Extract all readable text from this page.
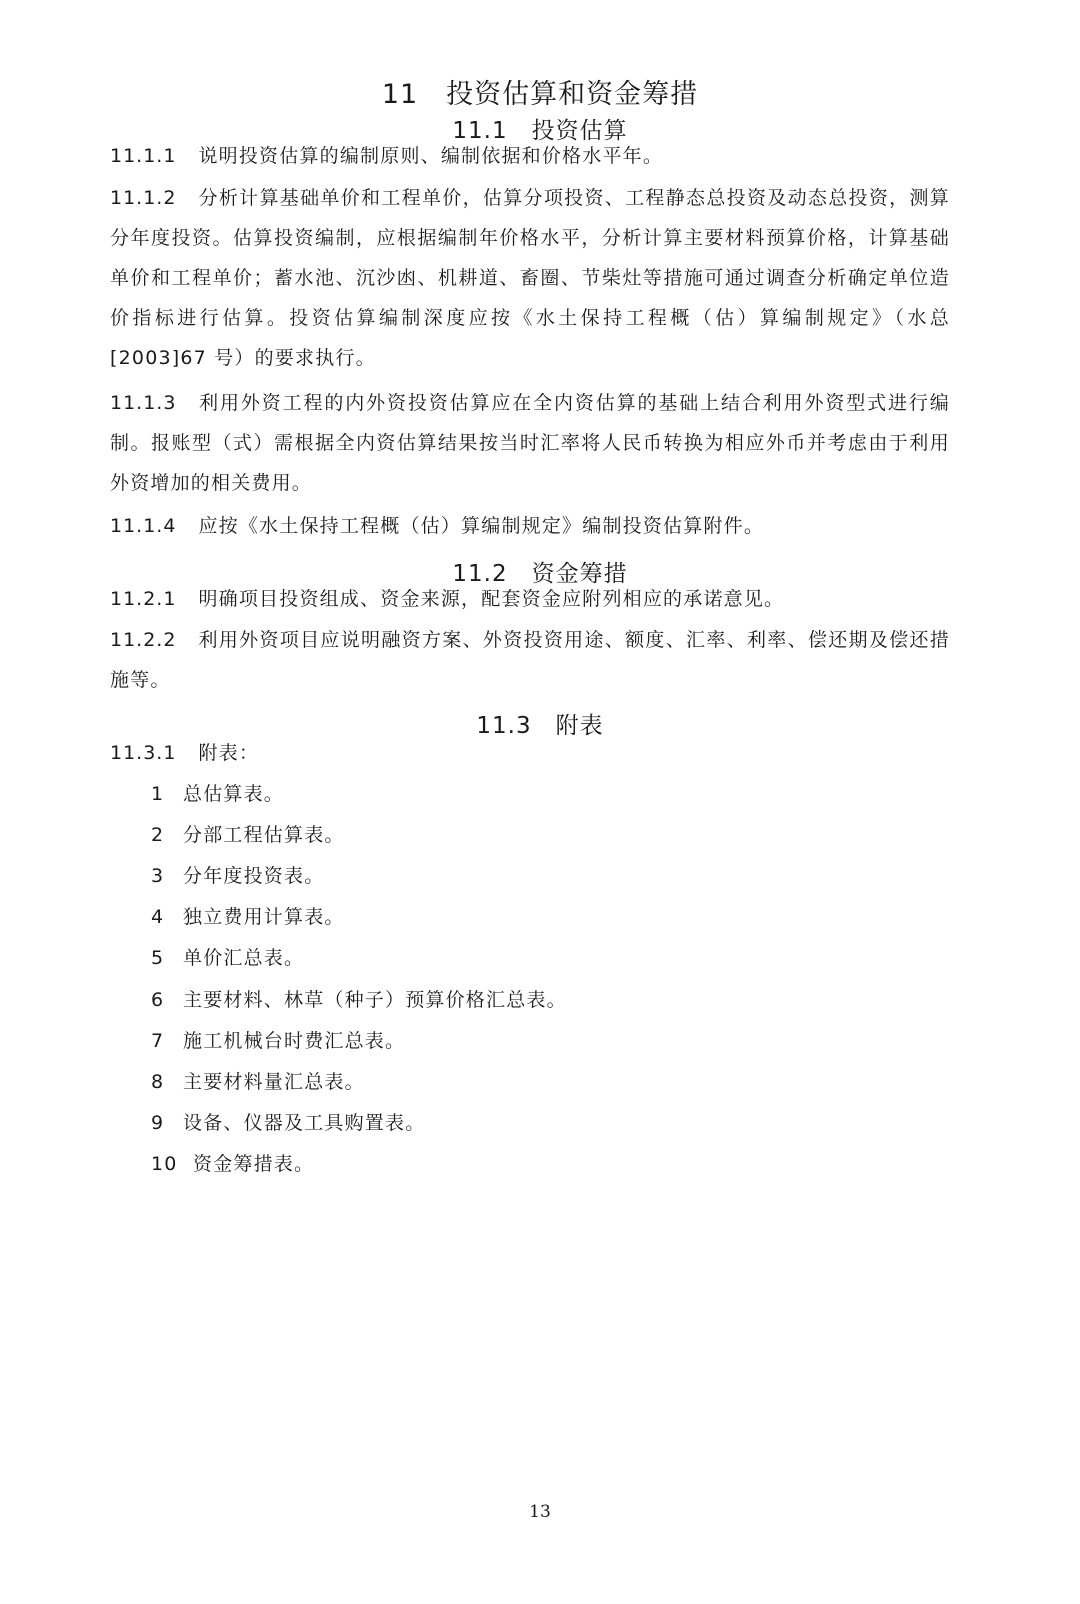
11　投资估算和资金筹措
11.1　投资估算
11.1.1 说明投资估算的编制原则、编制依据和价格水平年。
11.1.2 分析计算基础单价和工程单价，估算分项投资、工程静态总投资及动态总投资，测算分年度投资。估算投资编制，应根据编制年价格水平，分析计算主要材料预算价格，计算基础单价和工程单价；蓄水池、沉沙凼、机耕道、畜圈、节柴灶等措施可通过调查分析确定单位造价指标进行估算。投资估算编制深度应按《水土保持工程概（估）算编制规定》（水总[2003]67 号）的要求执行。
11.1.3 利用外资工程的内外资投资估算应在全内资估算的基础上结合利用外资型式进行编制。报账型（式）需根据全内资估算结果按当时汇率将人民币转换为相应外币并考虑由于利用外资增加的相关费用。
11.1.4 应按《水土保持工程概（估）算编制规定》编制投资估算附件。
11.2　资金筹措
11.2.1 明确项目投资组成、资金来源，配套资金应附列相应的承诺意见。
11.2.2 利用外资项目应说明融资方案、外资投资用途、额度、汇率、利率、偿还期及偿还措施等。
11.3　附表
11.3.1 附表：
1 总估算表。
2 分部工程估算表。
3 分年度投资表。
4 独立费用计算表。
5 单价汇总表。
6 主要材料、林草（种子）预算价格汇总表。
7 施工机械台时费汇总表。
8 主要材料量汇总表。
9 设备、仪器及工具购置表。
10 资金筹措表。
13
